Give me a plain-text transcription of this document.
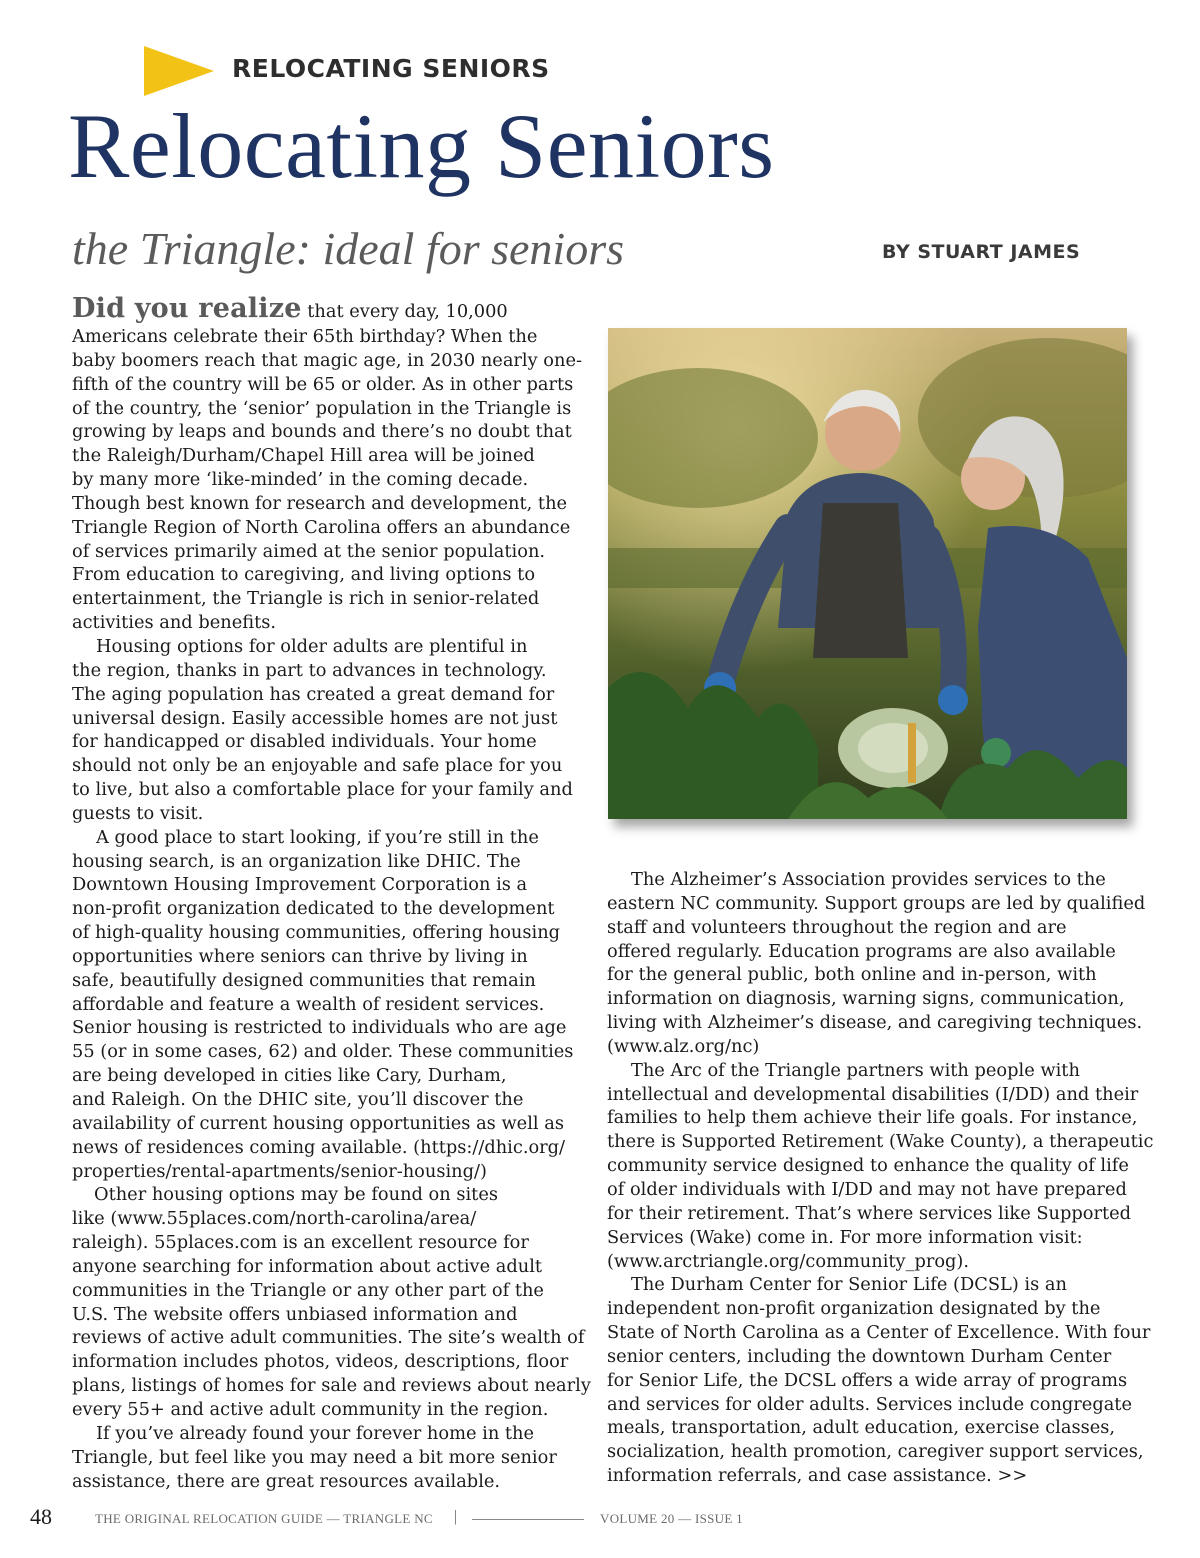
RELOCATING SENIORS
Relocating Seniors
the Triangle: ideal for seniors	BY STUART JAMES
Did you realize that every day, 10,000
Americans celebrate their 65th birthday? When the
baby boomers reach that magic age, in 2030 nearly one-
fifth of the country will be 65 or older. As in other parts
of the country, the ‘senior’ population in the Triangle is
growing by leaps and bounds and there’s no doubt that
the Raleigh/Durham/Chapel Hill area will be joined
by many more ‘like-minded’ in the coming decade.
Though best known for research and development, the
Triangle Region of North Carolina offers an abundance
of services primarily aimed at the senior population.
From education to caregiving, and living options to
entertainment, the Triangle is rich in senior-related
activities and benefits.
Housing options for older adults are plentiful in
the region, thanks in part to advances in technology.
The aging population has created a great demand for
universal design. Easily accessible homes are not just
for handicapped or disabled individuals. Your home
should not only be an enjoyable and safe place for you
to live, but also a comfortable place for your family and
guests to visit.
A good place to start looking, if you’re still in the
housing search, is an organization like DHIC. The
Downtown Housing Improvement Corporation is a
non-profit organization dedicated to the development
of high-quality housing communities, offering housing
opportunities where seniors can thrive by living in
safe, beautifully designed communities that remain
affordable and feature a wealth of resident services.
Senior housing is restricted to individuals who are age
55 (or in some cases, 62) and older. These communities
are being developed in cities like Cary, Durham,
and Raleigh. On the DHIC site, you’ll discover the
availability of current housing opportunities as well as
news of residences coming available. (https://dhic.org/
properties/rental-apartments/senior-housing/)
Other housing options may be found on sites
like (www.55places.com/north-carolina/area/
raleigh). 55places.com is an excellent resource for
anyone searching for information about active adult
communities in the Triangle or any other part of the
U.S. The website offers unbiased information and
reviews of active adult communities. The site’s wealth of
information includes photos, videos, descriptions, floor
plans, listings of homes for sale and reviews about nearly
every 55+ and active adult community in the region.
If you’ve already found your forever home in the
Triangle, but feel like you may need a bit more senior
assistance, there are great resources available.
The Alzheimer’s Association provides services to the
eastern NC community. Support groups are led by qualified
staff and volunteers throughout the region and are
offered regularly. Education programs are also available
for the general public, both online and in-person, with
information on diagnosis, warning signs, communication,
living with Alzheimer’s disease, and caregiving techniques.
(www.alz.org/nc)
The Arc of the Triangle partners with people with
intellectual and developmental disabilities (I/DD) and their
families to help them achieve their life goals. For instance,
there is Supported Retirement (Wake County), a therapeutic
community service designed to enhance the quality of life
of older individuals with I/DD and may not have prepared
for their retirement. That’s where services like Supported
Services (Wake) come in. For more information visit:
(www.arctriangle.org/community_prog).
The Durham Center for Senior Life (DCSL) is an
independent non-profit organization designated by the
State of North Carolina as a Center of Excellence. With four
senior centers, including the downtown Durham Center
for Senior Life, the DCSL offers a wide array of programs
and services for older adults. Services include congregate
meals, transportation, adult education, exercise classes,
socialization, health promotion, caregiver support services,
information referrals, and case assistance. >>
48	THE ORIGINAL RELOCATION GUIDE — TRIANGLE NC |	VOLUME 20 — ISSUE 1
